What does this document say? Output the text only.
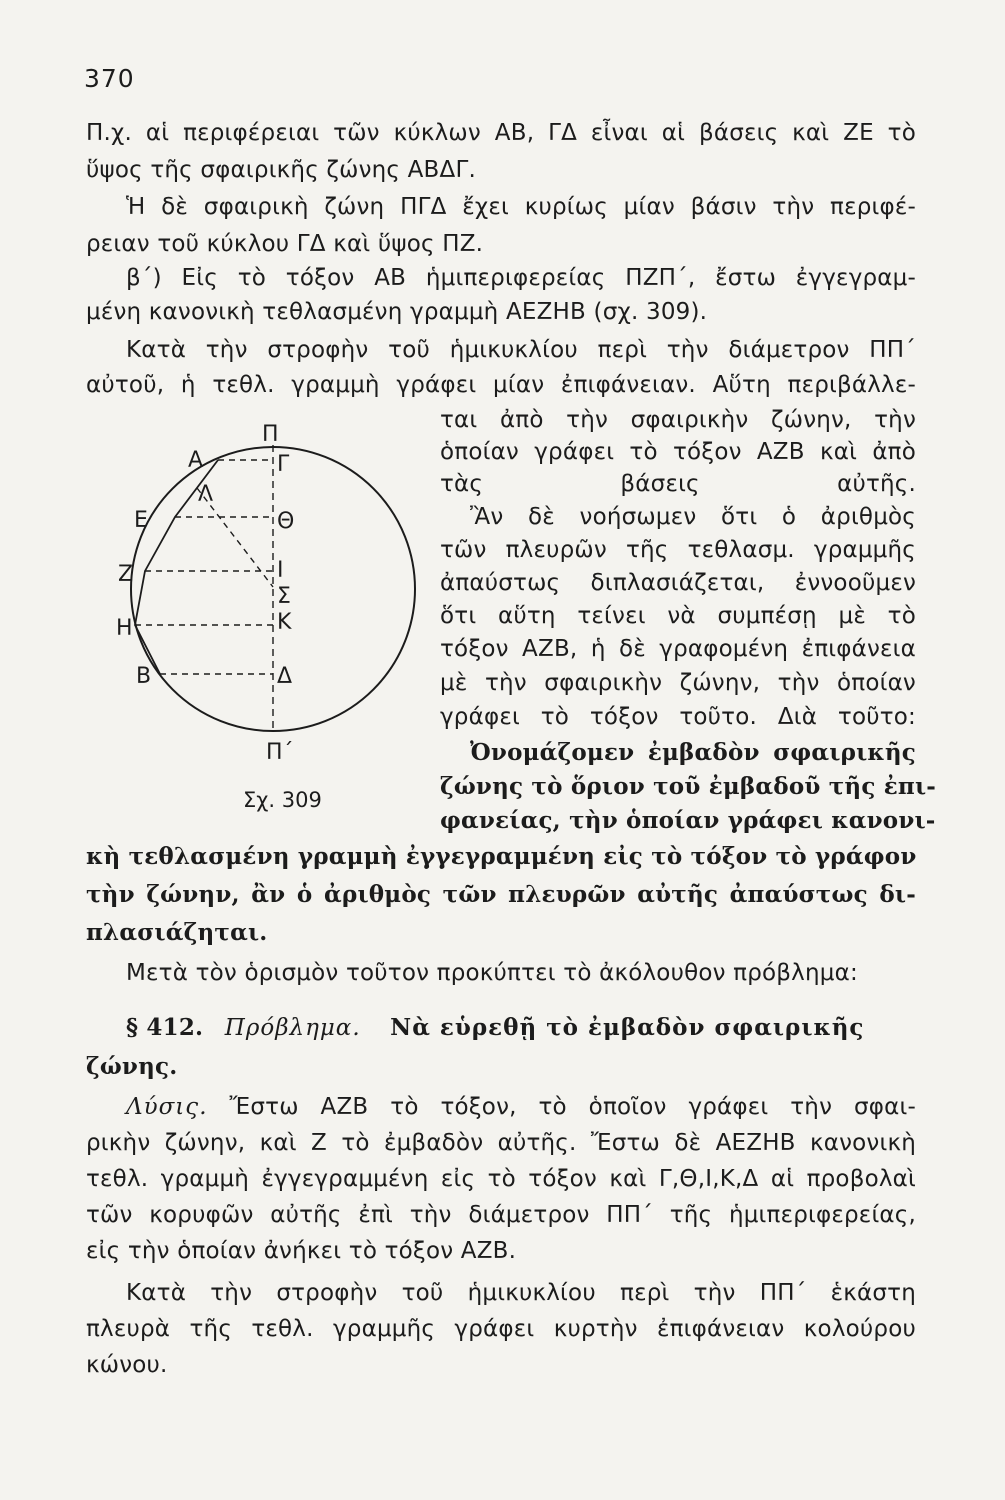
370
Π.χ. αἱ περιφέρειαι τῶν κύκλων ΑΒ, ΓΔ εἶναι αἱ βάσεις καὶ ΖΕ τὸ
ὕψος τῆς σφαιρικῆς ζώνης ΑΒΔΓ.
Ἡ δὲ σφαιρικὴ ζώνη ΠΓΔ ἔχει κυρίως μίαν βάσιν τὴν περιφέ-
ρειαν τοῦ κύκλου ΓΔ καὶ ὕψος ΠΖ.
β΄) Εἰς τὸ τόξον ΑΒ ἡμιπεριφερείας ΠΖΠ΄, ἔστω ἐγγεγραμ-
μένη κανονικὴ τεθλασμένη γραμμὴ ΑΕΖΗΒ (σχ. 309).
Κατὰ τὴν στροφὴν τοῦ ἡμικυκλίου περὶ τὴν διάμετρον ΠΠ΄
αὐτοῦ, ἡ τεθλ. γραμμὴ γράφει μίαν ἐπιφάνειαν. Αὕτη περιβάλλε-
ται ἀπὸ τὴν σφαιρικὴν ζώνην, τὴν
ὁποίαν γράφει τὸ τόξον ΑΖΒ καὶ ἀπὸ
τὰς βάσεις αὐτῆς.
Ἂν δὲ νοήσωμεν ὅτι ὁ ἀριθμὸς
τῶν πλευρῶν τῆς τεθλασμ. γραμμῆς
ἀπαύστως διπλασιάζεται, ἐννοοῦμεν
ὅτι αὕτη τείνει νὰ συμπέσῃ μὲ τὸ
τόξον ΑΖΒ, ἡ δὲ γραφομένη ἐπιφάνεια
μὲ τὴν σφαιρικὴν ζώνην, τὴν ὁποίαν
γράφει τὸ τόξον τοῦτο. Διὰ τοῦτο:
Ὀνομάζομεν ἐμβαδὸν σφαιρικῆς
ζώνης τὸ ὅριον τοῦ ἐμβαδοῦ τῆς ἐπι-
φανείας, τὴν ὁποίαν γράφει κανονι-
κὴ τεθλασμένη γραμμὴ ἐγγεγραμμένη εἰς τὸ τόξον τὸ γράφον
τὴν ζώνην, ἂν ὁ ἀριθμὸς τῶν πλευρῶν αὐτῆς ἀπαύστως δι-
πλασιάζηται.
Μετὰ τὸν ὁρισμὸν τοῦτον προκύπτει τὸ ἀκόλουθον πρόβλημα:
§ 412. Πρόβλημα. Νὰ εὑρεθῇ τὸ ἐμβαδὸν σφαιρικῆς
ζώνης.
Λύσις. Ἔστω ΑΖΒ τὸ τόξον, τὸ ὁποῖον γράφει τὴν σφαι-
ρικὴν ζώνην, καὶ Ζ τὸ ἐμβαδὸν αὐτῆς. Ἔστω δὲ ΑΕΖΗΒ κανονικὴ
τεθλ. γραμμὴ ἐγγεγραμμένη εἰς τὸ τόξον καὶ Γ,Θ,Ι,Κ,Δ αἱ προβολαὶ
τῶν κορυφῶν αὐτῆς ἐπὶ τὴν διάμετρον ΠΠ΄ τῆς ἡμιπεριφερείας,
εἰς τὴν ὁποίαν ἀνήκει τὸ τόξον ΑΖΒ.
Κατὰ τὴν στροφὴν τοῦ ἡμικυκλίου περὶ τὴν ΠΠ΄ ἑκάστη
πλευρὰ τῆς τεθλ. γραμμῆς γράφει κυρτὴν ἐπιφάνειαν κολούρου
κώνου.
Π
Α	Γ
Λ
Ε	Θ
Ζ	Ι
Σ
Η	Κ
Β	Δ
Π΄
Σχ. 309
